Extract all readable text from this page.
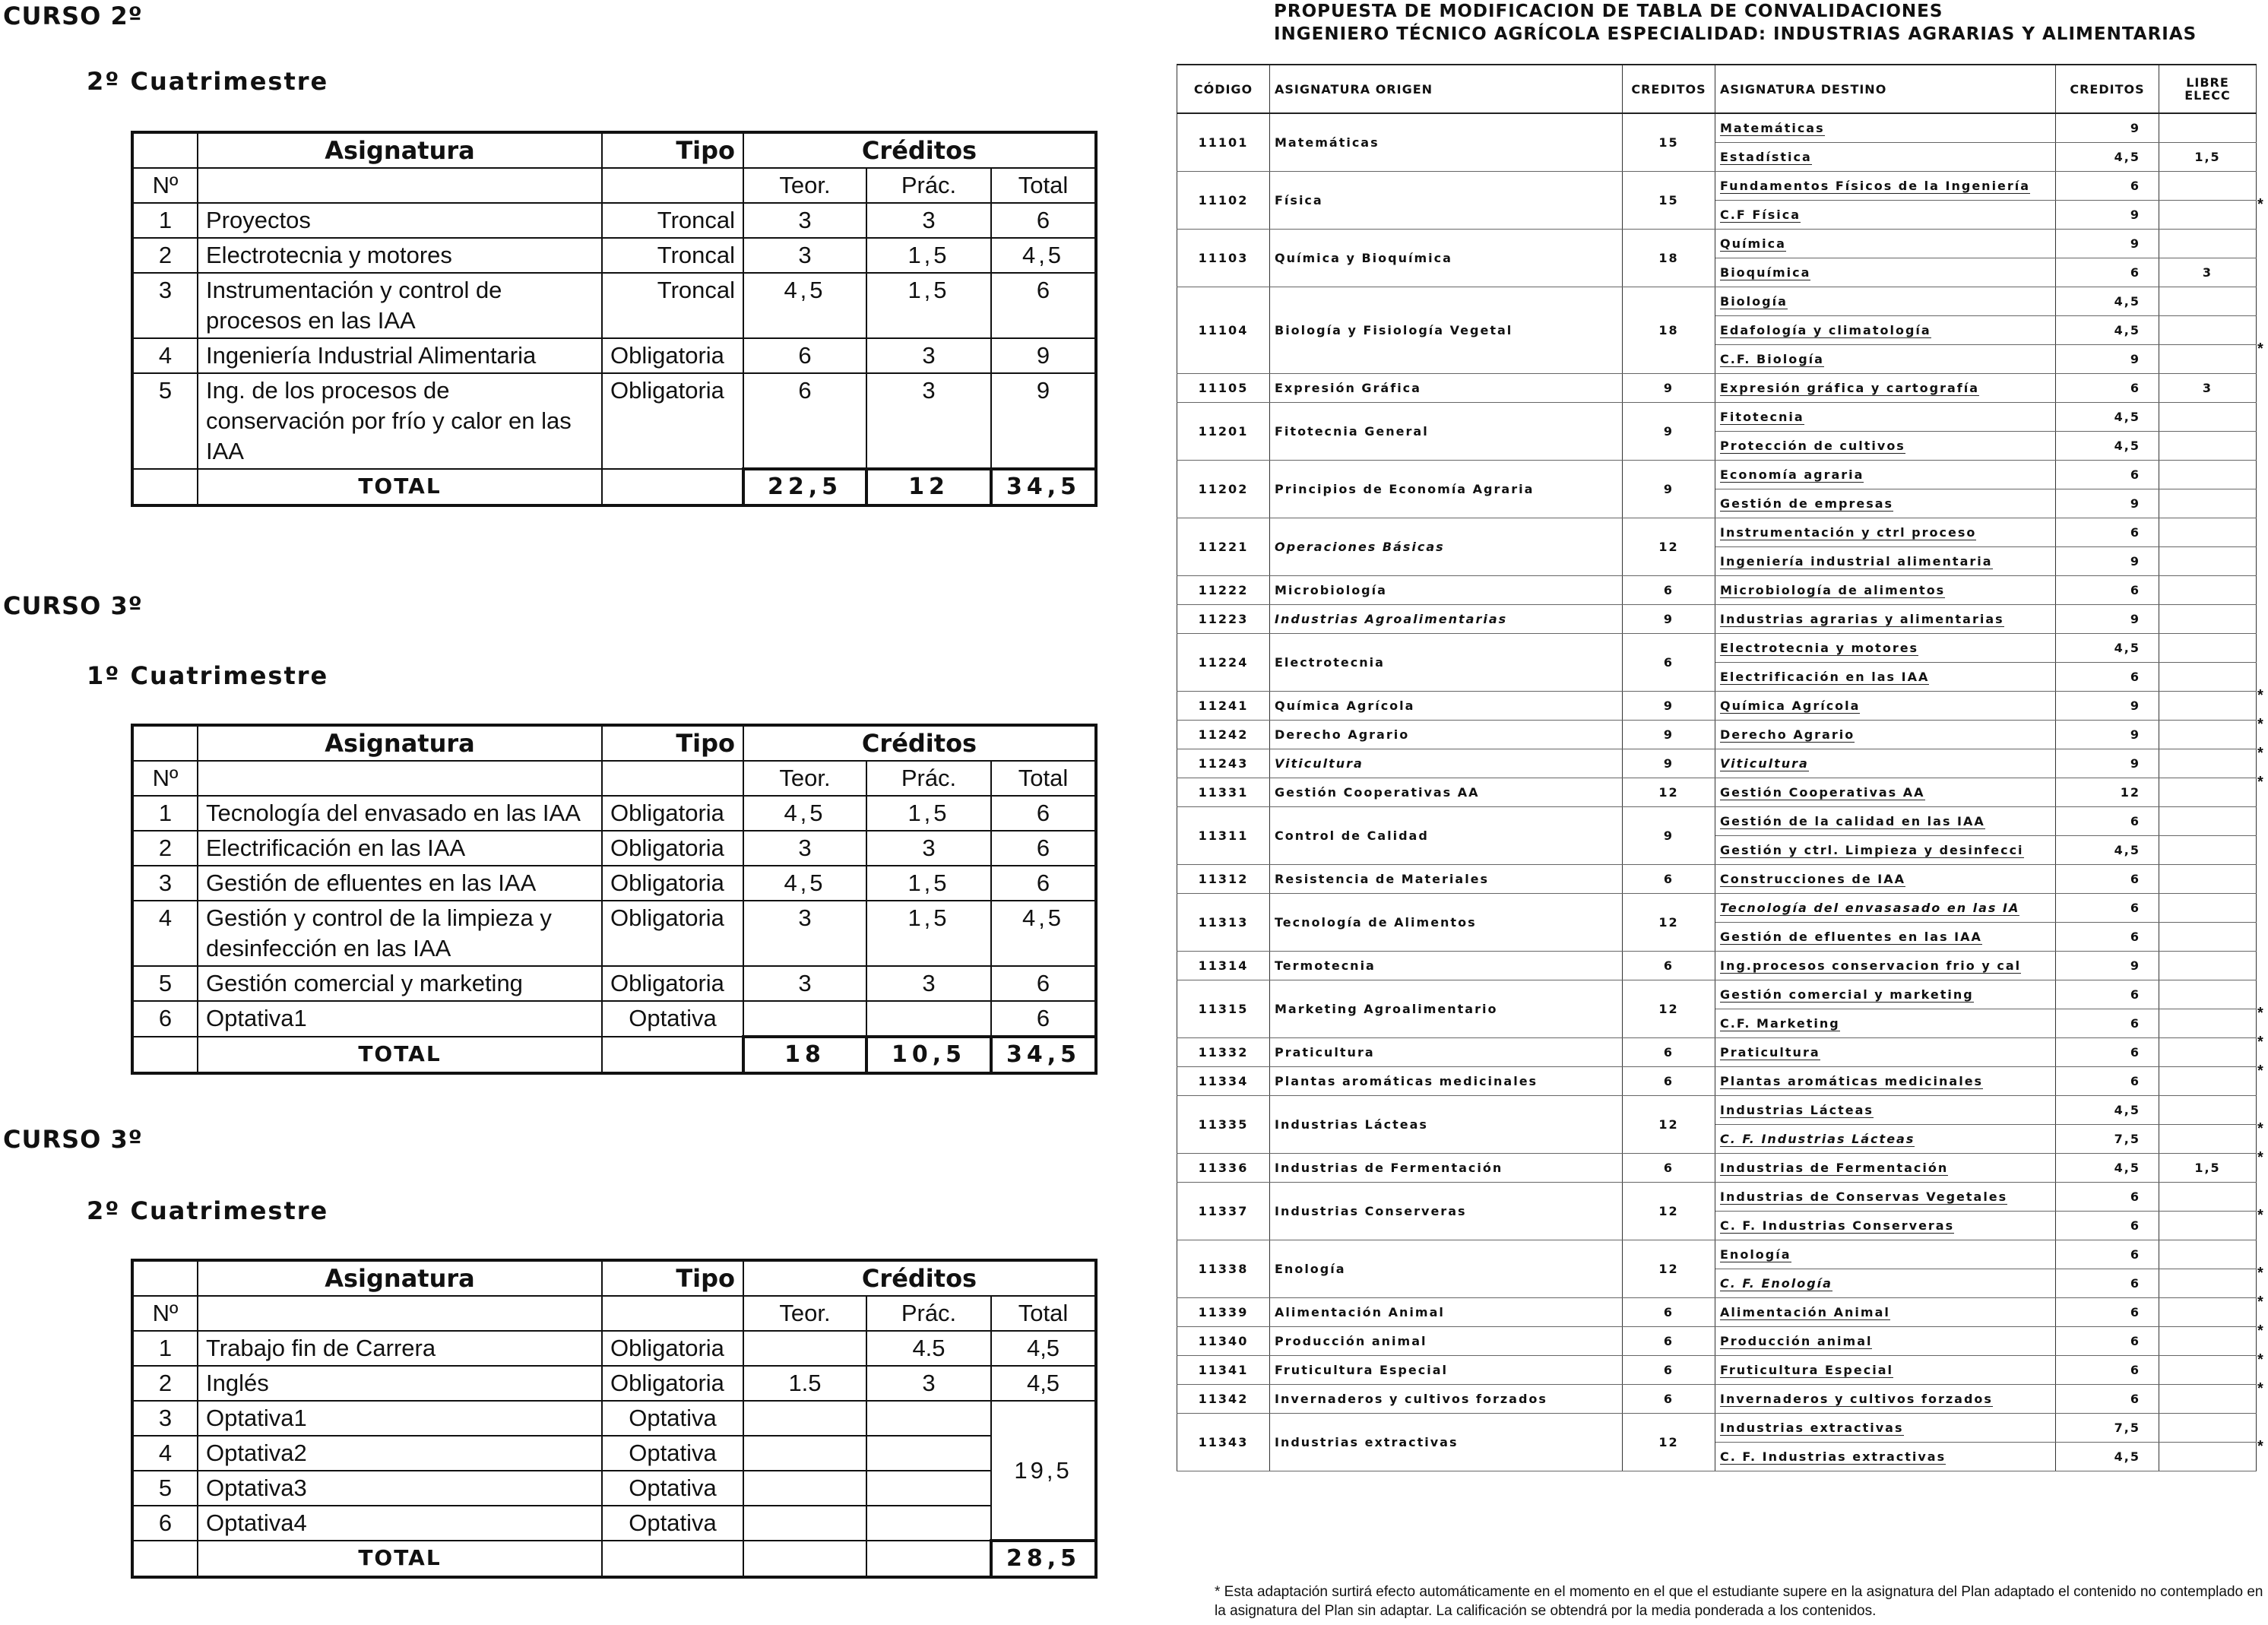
CURSO 2º
2º Cuatrimestre
	Asignatura	Tipo	Créditos		
Nº			Teor.	Prác.	Total
1	Proyectos	Troncal	3	3	6
2	Electrotecnia y motores	Troncal	3	1,5	4,5
3	Instrumentación y control de procesos en las IAA	Troncal	4,5	1,5	6
4	Ingeniería Industrial Alimentaria	Obligatoria	6	3	9
5	Ing. de los procesos de conservación por frío y calor en las IAA	Obligatoria	6	3	9
	TOTAL		22,5	12	34,5
CURSO 3º
1º Cuatrimestre
	Asignatura	Tipo	Créditos		
Nº			Teor.	Prác.	Total
1	Tecnología del envasado en las IAA	Obligatoria	4,5	1,5	6
2	Electrificación en las IAA	Obligatoria	3	3	6
3	Gestión de efluentes en las IAA	Obligatoria	4,5	1,5	6
4	Gestión y control de la limpieza y desinfección en las IAA	Obligatoria	3	1,5	4,5
5	Gestión comercial y marketing	Obligatoria	3	3	6
6	Optativa1	Optativa			6
	TOTAL		18	10,5	34,5
CURSO 3º
2º Cuatrimestre
	Asignatura	Tipo	Créditos		
Nº			Teor.	Prác.	Total
1	Trabajo fin de Carrera	Obligatoria		4.5	4,5
2	Inglés	Obligatoria	1.5	3	4,5
3	Optativa1	Optativa			19,5
4	Optativa2	Optativa			
5	Optativa3	Optativa			
6	Optativa4	Optativa			
	TOTAL				28,5
PROPUESTA DE MODIFICACION DE TABLA DE CONVALIDACIONES
INGENIERO TÉCNICO AGRÍCOLA ESPECIALIDAD: INDUSTRIAS AGRARIAS Y ALIMENTARIAS
CÓDIGO	ASIGNATURA ORIGEN	CREDITOS	ASIGNATURA DESTINO	CREDITOS	LIBRE
ELECC
11101	Matemáticas	15	Matemáticas	9	
			Estadística	4,5	1,5
11102	Física	15	Fundamentos Físicos de la Ingeniería	6	
			C.F Física	9	
11103	Química y Bioquímica	18	Química	9	
			Bioquímica	6	3
11104	Biología y Fisiología Vegetal	18	Biología	4,5	
			Edafología y climatología	4,5	
			C.F. Biología	9	
11105	Expresión Gráfica	9	Expresión gráfica y cartografía	6	3
11201	Fitotecnia General	9	Fitotecnia	4,5	
			Protección de cultivos	4,5	
11202	Principios de Economía Agraria	9	Economía agraria	6	
			Gestión de empresas	9	
11221	Operaciones Básicas	12	Instrumentación y ctrl proceso	6	
			Ingeniería industrial alimentaria	9	
11222	Microbiología	6	Microbiología de alimentos	6	
11223	Industrias Agroalimentarias	9	Industrias agrarias y alimentarias	9	
11224	Electrotecnia	6	Electrotecnia y motores	4,5	
			Electrificación en las IAA	6	
11241	Química Agrícola	9	Química Agrícola	9	
11242	Derecho Agrario	9	Derecho Agrario	9	
11243	Viticultura	9	Viticultura	9	
11331	Gestión Cooperativas AA	12	Gestión Cooperativas AA	12	
11311	Control de Calidad	9	Gestión de la calidad en las IAA	6	
			Gestión y ctrl. Limpieza y desinfecci	4,5	
11312	Resistencia de Materiales	6	Construcciones de IAA	6	
11313	Tecnología de Alimentos	12	Tecnología del envasasado en las IA	6	
			Gestión de efluentes en las IAA	6	
11314	Termotecnia	6	Ing.procesos conservacion frio y cal	9	
11315	Marketing Agroalimentario	12	Gestión comercial y marketing	6	
			C.F. Marketing	6	
11332	Praticultura	6	Praticultura	6	
11334	Plantas aromáticas medicinales	6	Plantas aromáticas medicinales	6	
11335	Industrias Lácteas	12	Industrias Lácteas	4,5	
			C. F. Industrias Lácteas	7,5	
11336	Industrias de Fermentación	6	Industrias de Fermentación	4,5	1,5
11337	Industrias Conserveras	12	Industrias de Conservas Vegetales	6	
			C. F. Industrias Conserveras	6	
11338	Enología	12	Enología	6	
			C. F. Enología	6	
11339	Alimentación Animal	6	Alimentación Animal	6	
11340	Producción animal	6	Producción animal	6	
11341	Fruticultura Especial	6	Fruticultura Especial	6	
11342	Invernaderos y cultivos forzados	6	Invernaderos y cultivos forzados	6	
11343	Industrias extractivas	12	Industrias extractivas	7,5	
			C. F. Industrias extractivas	4,5	
*
*
*
*
*
*
*
*
*
*
*
*
*
*
*
*
*
*
* Esta adaptación surtirá efecto automáticamente en el momento en el que el estudiante supere en la asignatura del Plan adaptado el contenido no contemplado en la asignatura del Plan sin adaptar. La calificación se obtendrá por la media ponderada a los contenidos.
